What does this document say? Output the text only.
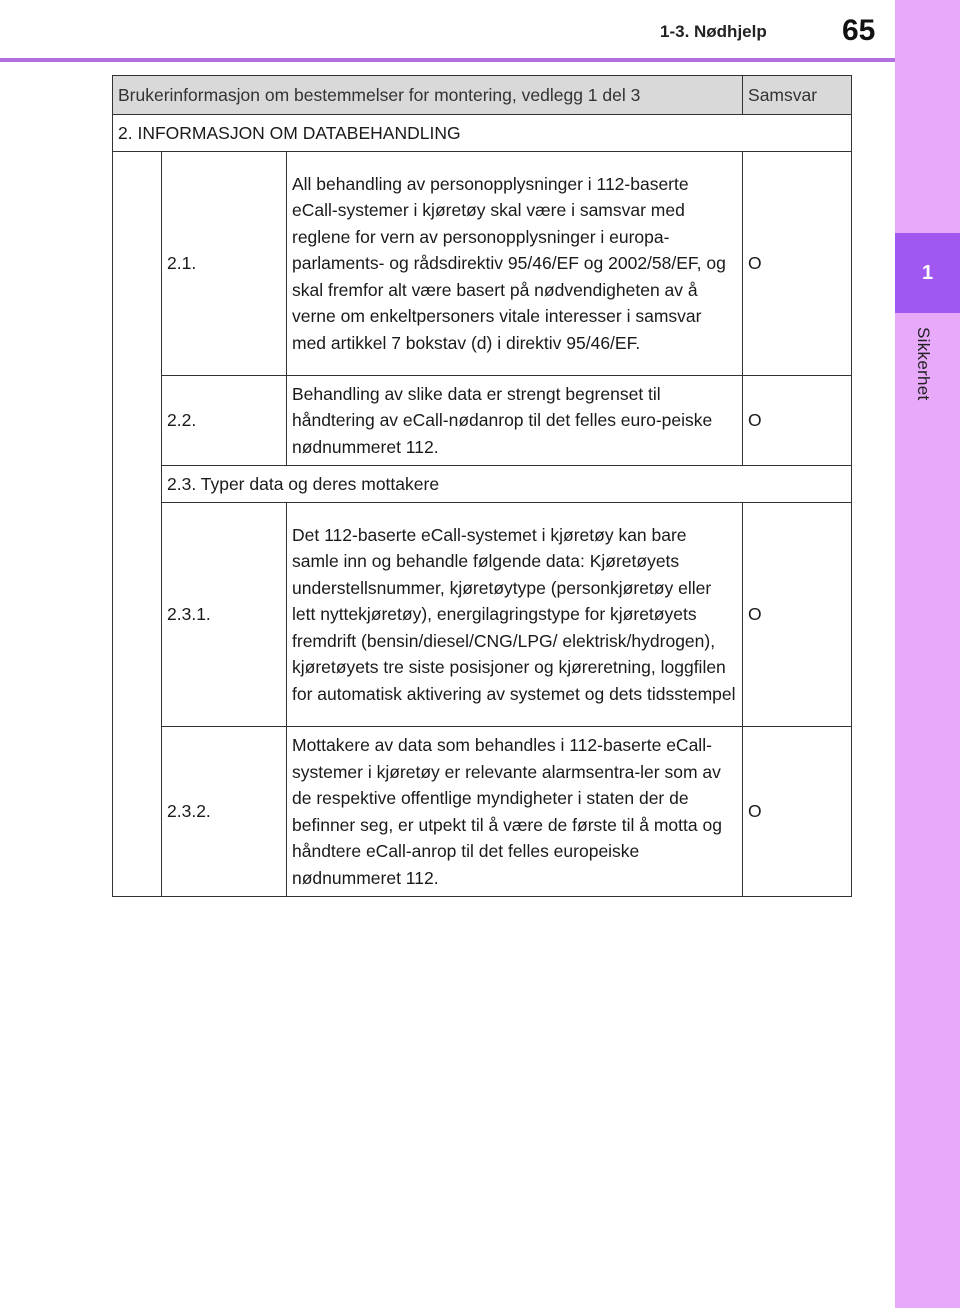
1-3. Nødhjelp	65
1
Sikkerhet
Brukerinformasjon om bestemmelser for montering, vedlegg 1 del 3			Samsvar
2. INFORMASJON OM DATABEHANDLING			
	2.1.	All behandling av personopplysninger i 112-baserte eCall-systemer i kjøretøy skal være i samsvar med reglene for vern av personopplysninger i europa-parlaments- og rådsdirektiv 95/46/EF og 2002/58/EF, og skal fremfor alt være basert på nødvendigheten av å verne om enkeltpersoners vitale interesser i samsvar med artikkel 7 bokstav (d) i direktiv 95/46/EF.	O
	2.2.	Behandling av slike data er strengt begrenset til håndtering av eCall-nødanrop til det felles euro-peiske nødnummeret 112.	O
	2.3. Typer data og deres mottakere		
	2.3.1.	Det 112-baserte eCall-systemet i kjøretøy kan bare samle inn og behandle følgende data: Kjøretøyets understellsnummer, kjøretøytype (personkjøretøy eller lett nyttekjøretøy), energilagringstype for kjøretøyets fremdrift (bensin/diesel/CNG/LPG/ elektrisk/hydrogen), kjøretøyets tre siste posisjoner og kjøreretning, loggfilen for automatisk aktivering av systemet og dets tidsstempel	O
	2.3.2.	Mottakere av data som behandles i 112-baserte eCall-systemer i kjøretøy er relevante alarmsentra-ler som av de respektive offentlige myndigheter i staten der de befinner seg, er utpekt til å være de første til å motta og håndtere eCall-anrop til det felles europeiske nødnummeret 112.	O
